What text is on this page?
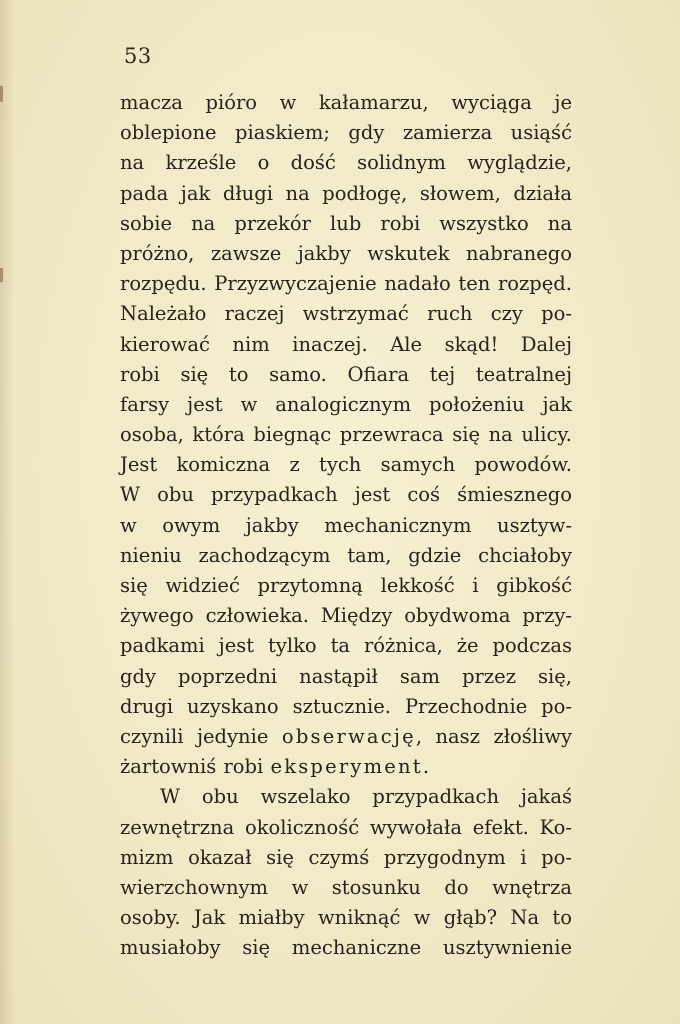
53
macza pióro w kałamarzu, wyciąga je
oblepione piaskiem; gdy zamierza usiąść
na krześle o dość solidnym wyglądzie,
pada jak długi na podłogę, słowem, działa
sobie na przekór lub robi wszystko na
próżno, zawsze jakby wskutek nabranego
rozpędu. Przyzwyczajenie nadało ten rozpęd.
Należało raczej wstrzymać ruch czy po-
kierować nim inaczej. Ale skąd! Dalej
robi się to samo. Ofiara tej teatralnej
farsy jest w analogicznym położeniu jak
osoba, która biegnąc przewraca się na ulicy.
Jest komiczna z tych samych powodów.
W obu przypadkach jest coś śmiesznego
w owym jakby mechanicznym usztyw-
nieniu zachodzącym tam, gdzie chciałoby
się widzieć przytomną lekkość i gibkość
żywego człowieka. Między obydwoma przy-
padkami jest tylko ta różnica, że podczas
gdy poprzedni nastąpił sam przez się,
drugi uzyskano sztucznie. Przechodnie po-
czynili jedynie obserwację, nasz złośliwy
żartowniś robi eksperyment.
W obu wszelako przypadkach jakaś
zewnętrzna okoliczność wywołała efekt. Ko-
mizm okazał się czymś przygodnym i po-
wierzchownym w stosunku do wnętrza
osoby. Jak miałby wniknąć w głąb? Na to
musiałoby się mechaniczne usztywnienie
